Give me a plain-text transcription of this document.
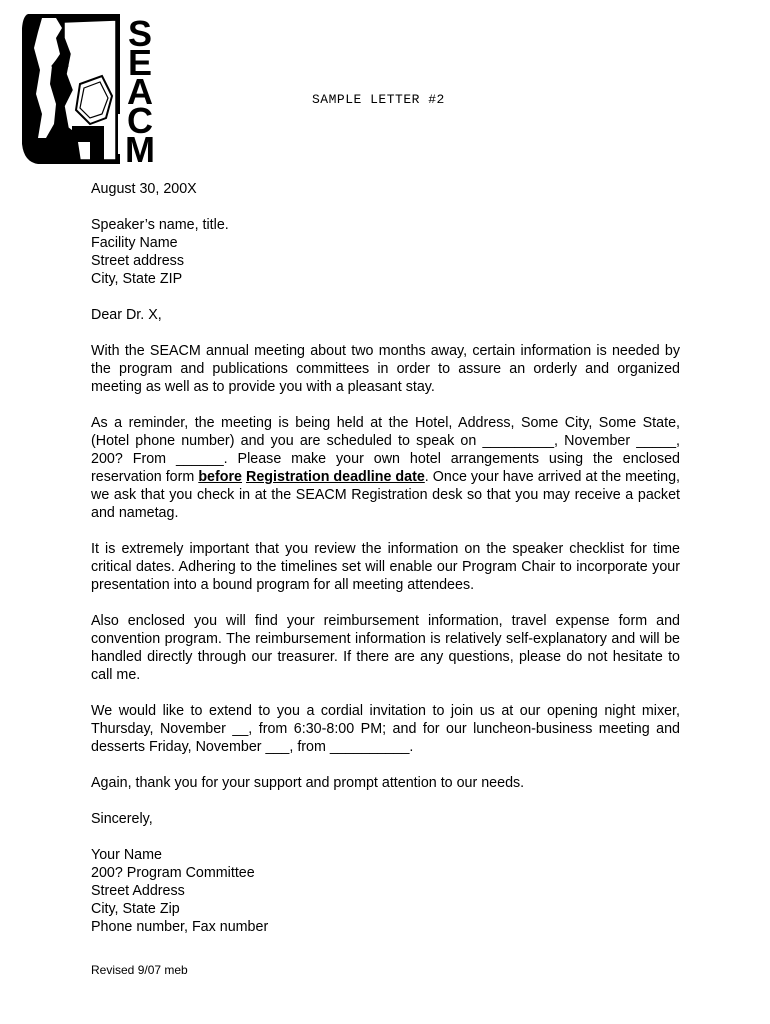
S
E
A
C
M
SAMPLE LETTER #2

August 30, 200X

Speaker’s name, title.
Facility Name
Street address
City, State ZIP

Dear Dr. X,

With the SEACM annual meeting about two months away, certain information is needed by the program and publications committees in order to assure an orderly and organized meeting as well as to provide you with a pleasant stay.

As a reminder, the meeting is being held at the Hotel, Address, Some City, Some State, (Hotel phone number) and you are scheduled to speak on _________, November _____, 200? From ______. Please make your own hotel arrangements using the enclosed reservation form before Registration deadline date. Once your have arrived at the meeting, we ask that you check in at the SEACM Registration desk so that you may receive a packet and nametag.

It is extremely important that you review the information on the speaker checklist for time critical dates. Adhering to the timelines set will enable our Program Chair to incorporate your presentation into a bound program for all meeting attendees.

Also enclosed you will find your reimbursement information, travel expense form and convention program. The reimbursement information is relatively self-explanatory and will be handled directly through our treasurer. If there are any questions, please do not hesitate to call me.

We would like to extend to you a cordial invitation to join us at our opening night mixer, Thursday, November __, from 6:30-8:00 PM; and for our luncheon-business meeting and desserts Friday, November ___, from __________.

Again, thank you for your support and prompt attention to our needs.

Sincerely,

Your Name
200? Program Committee
Street Address
City, State Zip
Phone number, Fax number

Revised 9/07 meb
